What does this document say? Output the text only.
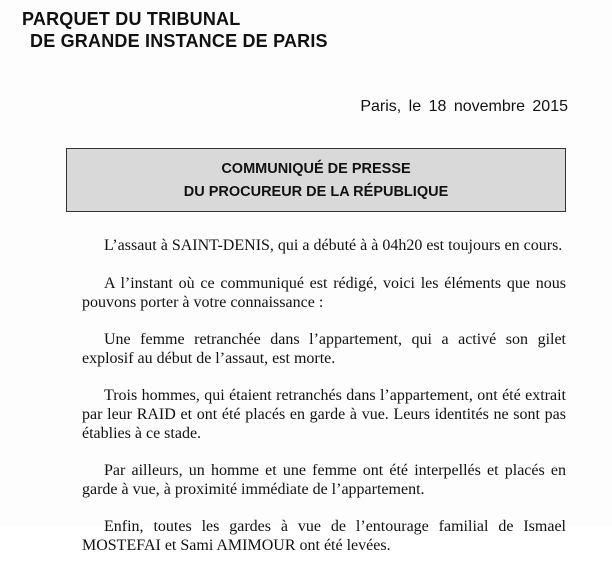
PARQUET DU TRIBUNAL
DE GRANDE INSTANCE DE PARIS
Paris, le 18 novembre 2015
COMMUNIQUÉ DE PRESSE
DU PROCUREUR DE LA RÉPUBLIQUE

L’assaut à SAINT-DENIS, qui a débuté à à 04h20 est toujours en cours.

A l’instant où ce communiqué est rédigé, voici les éléments que nous pouvons porter à votre connaissance :

Une femme retranchée dans l’appartement, qui a activé son gilet explosif au début de l’assaut, est morte.

Trois hommes, qui étaient retranchés dans l’appartement, ont été extrait par leur RAID et ont été placés en garde à vue. Leurs identités ne sont pas établies à ce stade.

Par ailleurs, un homme et une femme ont été interpellés et placés en garde à vue, à proximité immédiate de l’appartement.

Enfin, toutes les gardes à vue de l’entourage familial de Ismael MOSTEFAI et Sami AMIMOUR ont été levées.
